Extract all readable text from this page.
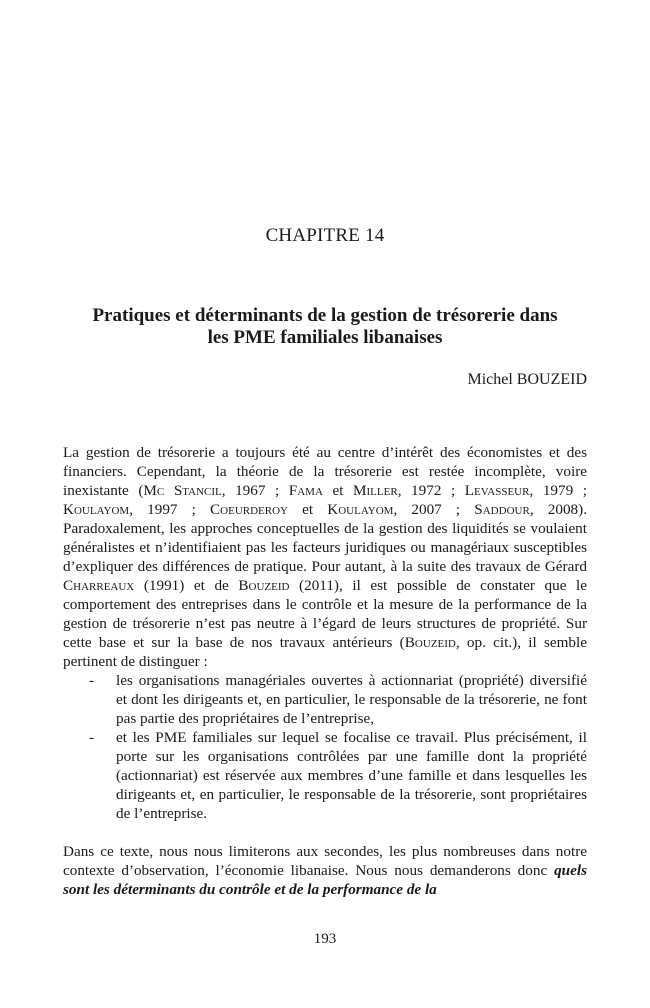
CHAPITRE 14
Pratiques et déterminants de la gestion de trésorerie dans
les PME familiales libanaises
Michel BOUZEID

La gestion de trésorerie a toujours été au centre d’intérêt des économistes et des financiers. Cependant, la théorie de la trésorerie est restée incomplète, voire inexistante (Mc Stancil, 1967 ; Fama et Miller, 1972 ; Levasseur, 1979 ; Koulayom, 1997 ; Coeurderoy et Koulayom, 2007 ; Saddour, 2008). Paradoxalement, les approches conceptuelles de la gestion des liquidités se voulaient généralistes et n’identifiaient pas les facteurs juridiques ou managériaux susceptibles d’expliquer des différences de pratique. Pour autant, à la suite des travaux de Gérard Charreaux (1991) et de Bouzeid (2011), il est possible de constater que le comportement des entreprises dans le contrôle et la mesure de la performance de la gestion de trésorerie n’est pas neutre à l’égard de leurs structures de propriété. Sur cette base et sur la base de nos travaux antérieurs (Bouzeid, op. cit.), il semble pertinent de distinguer :

- les organisations managériales ouvertes à actionnariat (propriété) diversifié et dont les dirigeants et, en particulier, le responsable de la trésorerie, ne font pas partie des propriétaires de l’entreprise,
- et les PME familiales sur lequel se focalise ce travail. Plus précisément, il porte sur les organisations contrôlées par une famille dont la propriété (actionnariat) est réservée aux membres d’une famille et dans lesquelles les dirigeants et, en particulier, le responsable de la trésorerie, sont propriétaires de l’entreprise.

Dans ce texte, nous nous limiterons aux secondes, les plus nombreuses dans notre contexte d’observation, l’économie libanaise. Nous nous demanderons donc quels sont les déterminants du contrôle et de la performance de la

193
